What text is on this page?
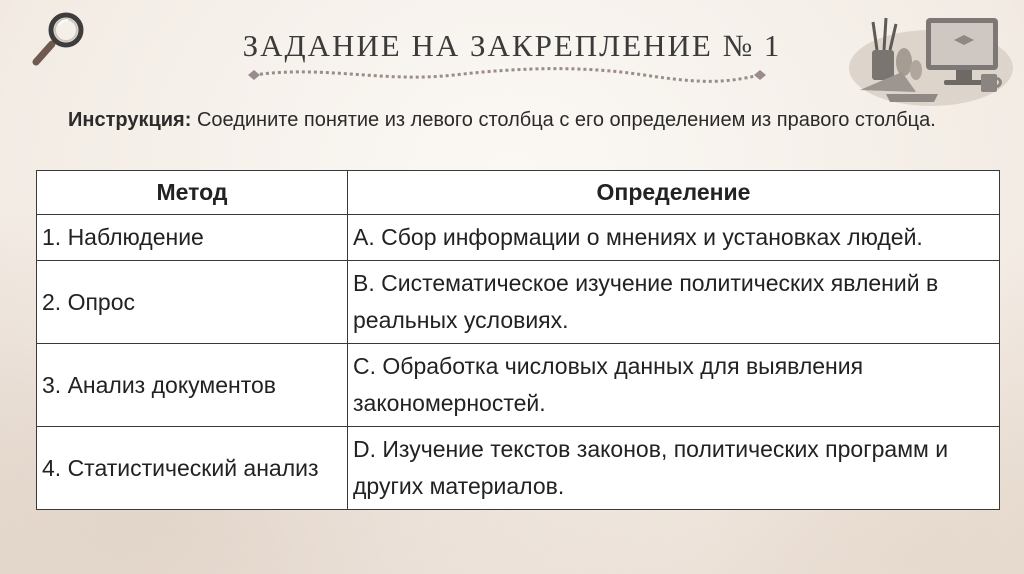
ЗАДАНИЕ НА ЗАКРЕПЛЕНИЕ № 1
Инструкция: Соедините понятие из левого столбца с его определением из правого столбца.
Метод	Определение
1. Наблюдение	А. Сбор информации о мнениях и установках людей.
2. Опрос	В. Систематическое изучение политических явлений в реальных условиях.
3. Анализ документов	С. Обработка числовых данных для выявления закономерностей.
4. Статистический анализ	D. Изучение текстов законов, политических программ и других материалов.
